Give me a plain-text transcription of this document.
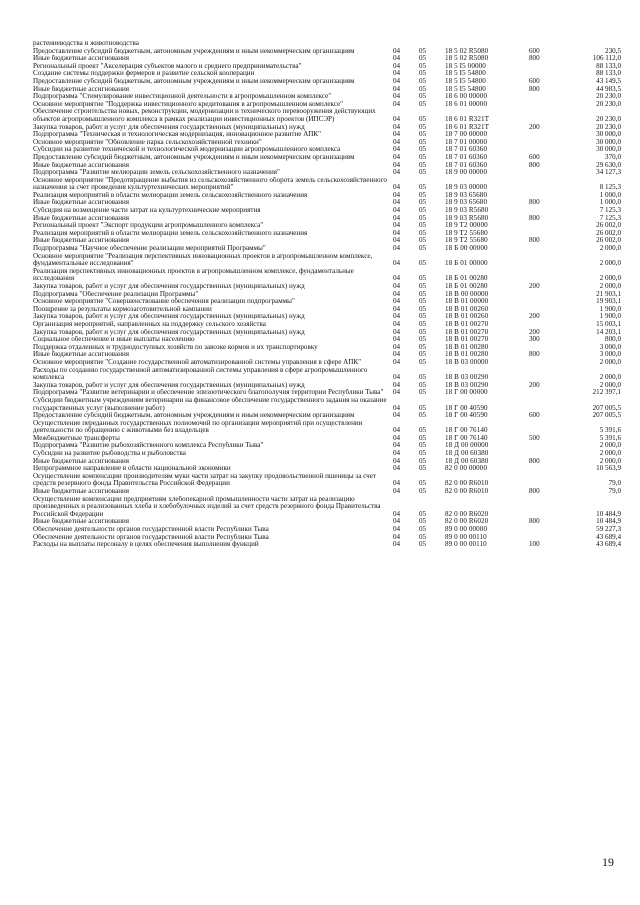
растениеводства и животноводства					
Предоставление субсидий бюджетным, автономным учреждениям и иным некоммерческим организациям	04	05	18 5 02 R5080	600	230,5
Иные бюджетные ассигнования	04	05	18 5 02 R5080	800	106 112,0
Региональный проект "Акселерация субъектов малого и среднего предпринимательства"	04	05	18 5 I5 00000		88 133,0
Создание системы поддержки фермеров и развитие сельской кооперации	04	05	18 5 I5 54800		88 133,0
Предоставление субсидий бюджетным, автономным учреждениям и иным некоммерческим организациям	04	05	18 5 I5 54800	600	43 149,5
Иные бюджетные ассигнования	04	05	18 5 I5 54800	800	44 983,5
Подпрограмма "Стимулирование инвестиционной деятельности в агропромышленном комплексе"	04	05	18 6 00 00000		20 230,0
Основное мероприятие "Поддержка инвестиционного кредитования в агропромышленном комплексе"	04	05	18 6 01 00000		20 230,0
Обеспечение строительства новых, реконструкции, модернизации и технического перевооружения действующих объектов агропромышленного комплекса в рамках реализации инвестиционных проектов (ИПСЭР)	04	05	18 6 01 R321T		20 230,0
Закупка товаров, работ и услуг для обеспечения государственных (муниципальных) нужд	04	05	18 6 01 R321T	200	20 230,0
Подпрограмма "Техническая и технологическая модернизация, инновационное развитие АПК"	04	05	18 7 00 00000		30 000,0
Основное мероприятие "Обновление парка сельскохозяйственной техники"	04	05	18 7 01 00000		30 000,0
Субсидии на развитие технической и технологической модернизации агропромышленного комплекса	04	05	18 7 01 60360		30 000,0
Предоставление субсидий бюджетным, автономным учреждениям и иным некоммерческим организациям	04	05	18 7 01 60360	600	370,0
Иные бюджетные ассигнования	04	05	18 7 01 60360	800	29 630,0
Подпрограмма "Развитие мелиорации земель сельскохозяйственного назначения"	04	05	18 9 00 00000		34 127,3
Основное мероприятие "Предотвращение выбытия из сельскохозяйственного оборота земель сельскохозяйственного назначения за счет проведения культуртехнических мероприятий"	04	05	18 9 03 00000		8 125,3
Реализация мероприятий в области мелиорации земель сельскохозяйственного назначения	04	05	18 9 03 65680		1 000,0
Иные бюджетные ассигнования	04	05	18 9 03 65680	800	1 000,0
Субсидия на возмещение части затрат на культуртехнические мероприятия	04	05	18 9 03 R5680		7 125,3
Иные бюджетные ассигнования	04	05	18 9 03 R5680	800	7 125,3
Региональный проект "Экспорт продукции агропромышленного комплекса"	04	05	18 9 T2 00000		26 002,0
Реализация мероприятий в области мелиорации земель сельскохозяйственного назначения	04	05	18 9 T2 55680		26 002,0
Иные бюджетные ассигнования	04	05	18 9 T2 55680	800	26 002,0
Подпрограмма "Научное обеспечение реализации мероприятий Программы"	04	05	18 Б 00 00000		2 000,0
Основное мероприятие "Реализация перспективных инновационных проектов в агропромышленном комплексе, фундаментальные исследования"	04	05	18 Б 01 00000		2 000,0
Реализация перспективных инновационных проектов в агропромышленном комплексе, фундаментальные исследования	04	05	18 Б 01 00280		2 000,0
Закупка товаров, работ и услуг для обеспечения государственных (муниципальных) нужд	04	05	18 Б 01 00280	200	2 000,0
Подпрограмма "Обеспечение реализации Программы"	04	05	18 В 00 00000		21 903,1
Основное мероприятие "Совершенствование обеспечения реализации подпрограммы"	04	05	18 В 01 00000		19 903,1
Поощрение за результаты кормозаготовительной кампании	04	05	18 В 01 00260		1 900,0
Закупка товаров, работ и услуг для обеспечения государственных (муниципальных) нужд	04	05	18 В 01 00260	200	1 900,0
Организация мероприятий, направленных на поддержку сельского хозяйства	04	05	18 В 01 00270		15 003,1
Закупка товаров, работ и услуг для обеспечения государственных (муниципальных) нужд	04	05	18 В 01 00270	200	14 203,1
Социальное обеспечение и иные выплаты населению	04	05	18 В 01 00270	300	800,0
Поддержка отдаленных и труднодоступных хозяйств по завозке кормов и их транспортировку	04	05	18 В 01 00280		3 000,0
Иные бюджетные ассигнования	04	05	18 В 01 00280	800	3 000,0
Основное мероприятие "Создание государственной автоматизированной системы управления в сфере АПК"	04	05	18 В 03 00000		2 000,0
Расходы по созданию государственной автоматизированной системы управления в сфере агропромышленного комплекса	04	05	18 В 03 00290		2 000,0
Закупка товаров, работ и услуг для обеспечения государственных (муниципальных) нужд	04	05	18 В 03 00290	200	2 000,0
Подпрограмма "Развитие ветеринарии и обеспечение эпизоотического благополучия территории Республики Тыва"	04	05	18 Г 00 00000		212 397,1
Субсидии бюджетным учреждениям ветеринарии на финансовое обеспечение государственного задания на оказание государственных услуг (выполнение работ)	04	05	18 Г 00 40590		207 005,5
Предоставление субсидий бюджетным, автономным учреждениям и иным некоммерческим организациям	04	05	18 Г 00 40590	600	207 005,5
Осуществление переданных государственных полномочий по организации мероприятий при осуществлении деятельности по обращению с животными без владельцев	04	05	18 Г 00 76140		5 391,6
Межбюджетные трансферты	04	05	18 Г 00 76140	500	5 391,6
Подпрограмма "Развитие рыбохозяйственного комплекса Республики Тыва"	04	05	18 Д 00 00000		2 000,0
Субсидии на развитие рыбоводства и рыболовства	04	05	18 Д 00 60380		2 000,0
Иные бюджетные ассигнования	04	05	18 Д 00 60380	800	2 000,0
Непрограммное направление в области национальной экономики	04	05	82 0 00 00000		10 563,9
Осуществление компенсации производителям муки части затрат на закупку продовольственной пшеницы за счет средств резервного фонда Правительства Российской Федерации	04	05	82 0 00 R6010		79,0
Иные бюджетные ассигнования	04	05	82 0 00 R6010	800	79,0
Осуществление компенсации предприятиям хлебопекарной промышленности части затрат на реализацию произведенных и реализованных хлеба и хлебобулочных изделий за счет средств резервного фонда Правительства Российской Федерации	04	05	82 0 00 R6020		10 484,9
Иные бюджетные ассигнования	04	05	82 0 00 R6020	800	10 484,9
Обеспечение деятельности органов государственной власти Республики Тыва	04	05	89 0 00 00000		59 227,3
Обеспечение деятельности органов государственной власти Республики Тыва	04	05	89 0 00 00110		43 689,4
Расходы на выплаты персоналу в целях обеспечения выполнения функций	04	05	89 0 00 00110	100	43 689,4
19
